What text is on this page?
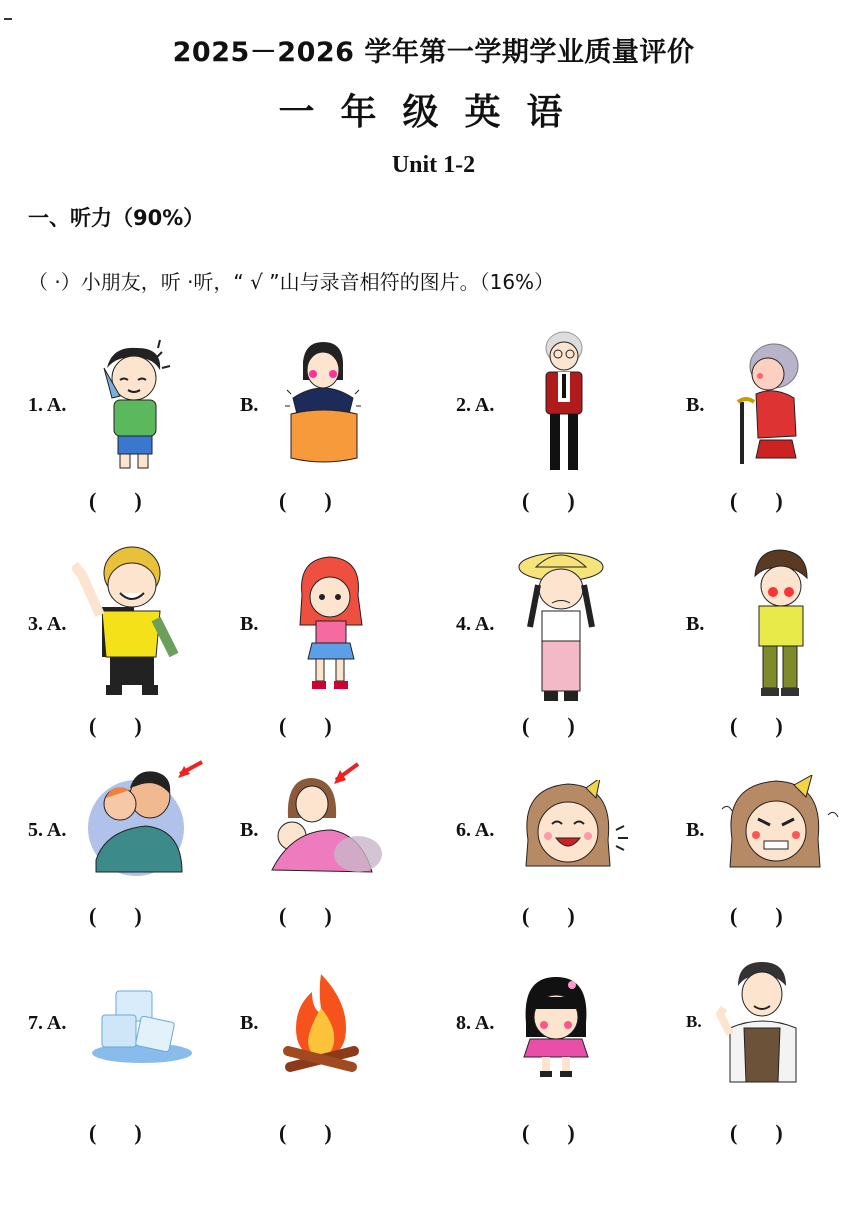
2025－2026 学年第一学期学业质量评价
一年级英语
Unit 1-2
一、听力（90%）
（ ·）小朋友，听 ·听，“ √ ”山与录音相符的图片。（16%）
1. A.	B.	2. A.	B.
( )	( )	( )	( )
3. A.	B.	4. A.	B.
( )	( )	( )	( )
5. A.	B.	6. A.	B.
( )	( )	( )	( )
7. A.	B.	8. A.	B.
( )	( )	( )	( )
